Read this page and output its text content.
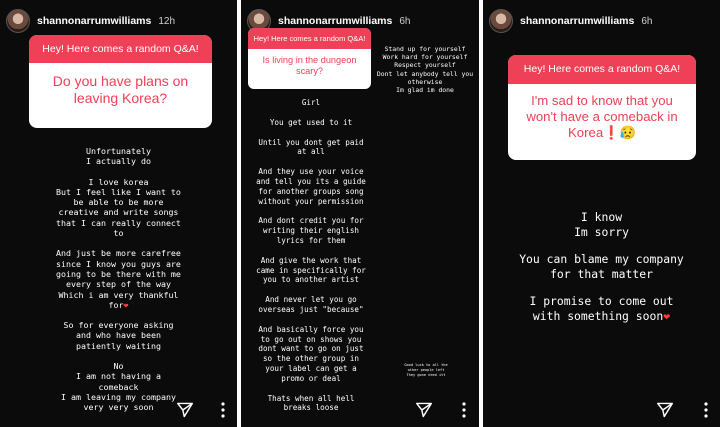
shannonarrumwilliams 12h
Hey! Here comes a random Q&A!
Do you have plans on leaving Korea?

Unfortunately

I actually do

I love korea

But I feel like I want to

be able to be more

creative and write songs

that I can really connect

to

And just be more carefree

since I know you guys are

going to be there with me

every step of the way

Which i am very thankful

for❤

So for everyone asking

and who have been

patiently waiting

No

I am not having a

comeback

I am leaving my company

very very soon

shannonarrumwilliams 6h
Hey! Here comes a random Q&A!
Is living in the dungeon scary?

Stand up for yourself

Work hard for yourself

Respect yourself

Dont let anybody tell you

otherwise

Im glad im done

Girl

You get used to it

Until you dont get paid

at all

And they use your voice

and tell you its a guide

for another groups song

without your permission

And dont credit you for

writing their english

lyrics for them

And give the work that

came in specifically for

you to another artist

And never let you go

overseas just "because"

And basically force you

to go out on shows you

dont want to go on just

so the other group in

your label can get a

promo or deal

Thats when all hell

breaks loose

Good luck to all the

other people left

They gone need itt

shannonarrumwilliams 6h
Hey! Here comes a random Q&A!
I'm sad to know that you won't have a comeback in Korea❗😥

I know

Im sorry

You can blame my company

for that matter

I promise to come out

with something soon❤
